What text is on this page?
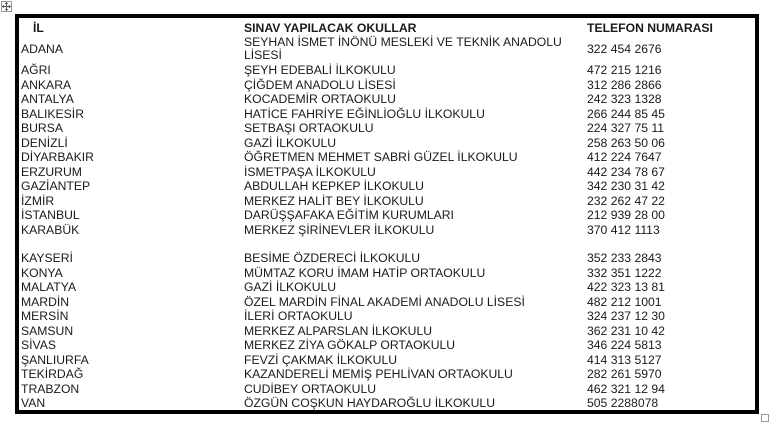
İL	SINAV YAPILACAK OKULLAR	TELEFON NUMARASI
ADANA	SEYHAN İSMET İNÖNÜ MESLEKİ VE TEKNİK ANADOLU LİSESİ	322 454 2676
AĞRI	ŞEYH EDEBALİ İLKOKULU	472 215 1216
ANKARA	ÇİĞDEM ANADOLU LİSESİ	312 286 2866
ANTALYA	KOCADEMİR ORTAOKULU	242 323 1328
BALIKESİR	HATİCE FAHRİYE EĞİNLİOĞLU İLKOKULU	266 244 85 45
BURSA	SETBAŞI ORTAOKULU	224 327 75 11
DENİZLİ	GAZİ İLKOKULU	258 263 50 06
DİYARBAKIR	ÖĞRETMEN MEHMET SABRİ GÜZEL İLKOKULU	412 224 7647
ERZURUM	İSMETPAŞA İLKOKULU	442 234 78 67
GAZİANTEP	ABDULLAH KEPKEP İLKOKULU	342 230 31 42
İZMİR	MERKEZ HALİT BEY İLKOKULU	232 262 47 22
İSTANBUL	DARÜŞŞAFAKA EĞİTİM KURUMLARI	212 939 28 00
KARABÜK	MERKEZ ŞİRİNEVLER İLKOKULU	370 412 1113

KAYSERİ	BESİME ÖZDERECİ İLKOKULU	352 233 2843
KONYA	MÜMTAZ KORU İMAM HATİP ORTAOKULU	332 351 1222
MALATYA	GAZİ İLKOKULU	422 323 13 81
MARDİN	ÖZEL MARDİN FİNAL AKADEMİ ANADOLU LİSESİ	482 212 1001
MERSİN	İLERİ ORTAOKULU	324 237 12 30
SAMSUN	MERKEZ ALPARSLAN İLKOKULU	362 231 10 42
SİVAS	MERKEZ ZİYA GÖKALP ORTAOKULU	346 224 5813
ŞANLIURFA	FEVZİ ÇAKMAK İLKOKULU	414 313 5127
TEKİRDAĞ	KAZANDERELİ MEMİŞ PEHLİVAN ORTAOKULU	282 261 5970
TRABZON	CUDİBEY ORTAOKULU	462 321 12 94
VAN	ÖZGÜN COŞKUN HAYDAROĞLU İLKOKULU	505 2288078
